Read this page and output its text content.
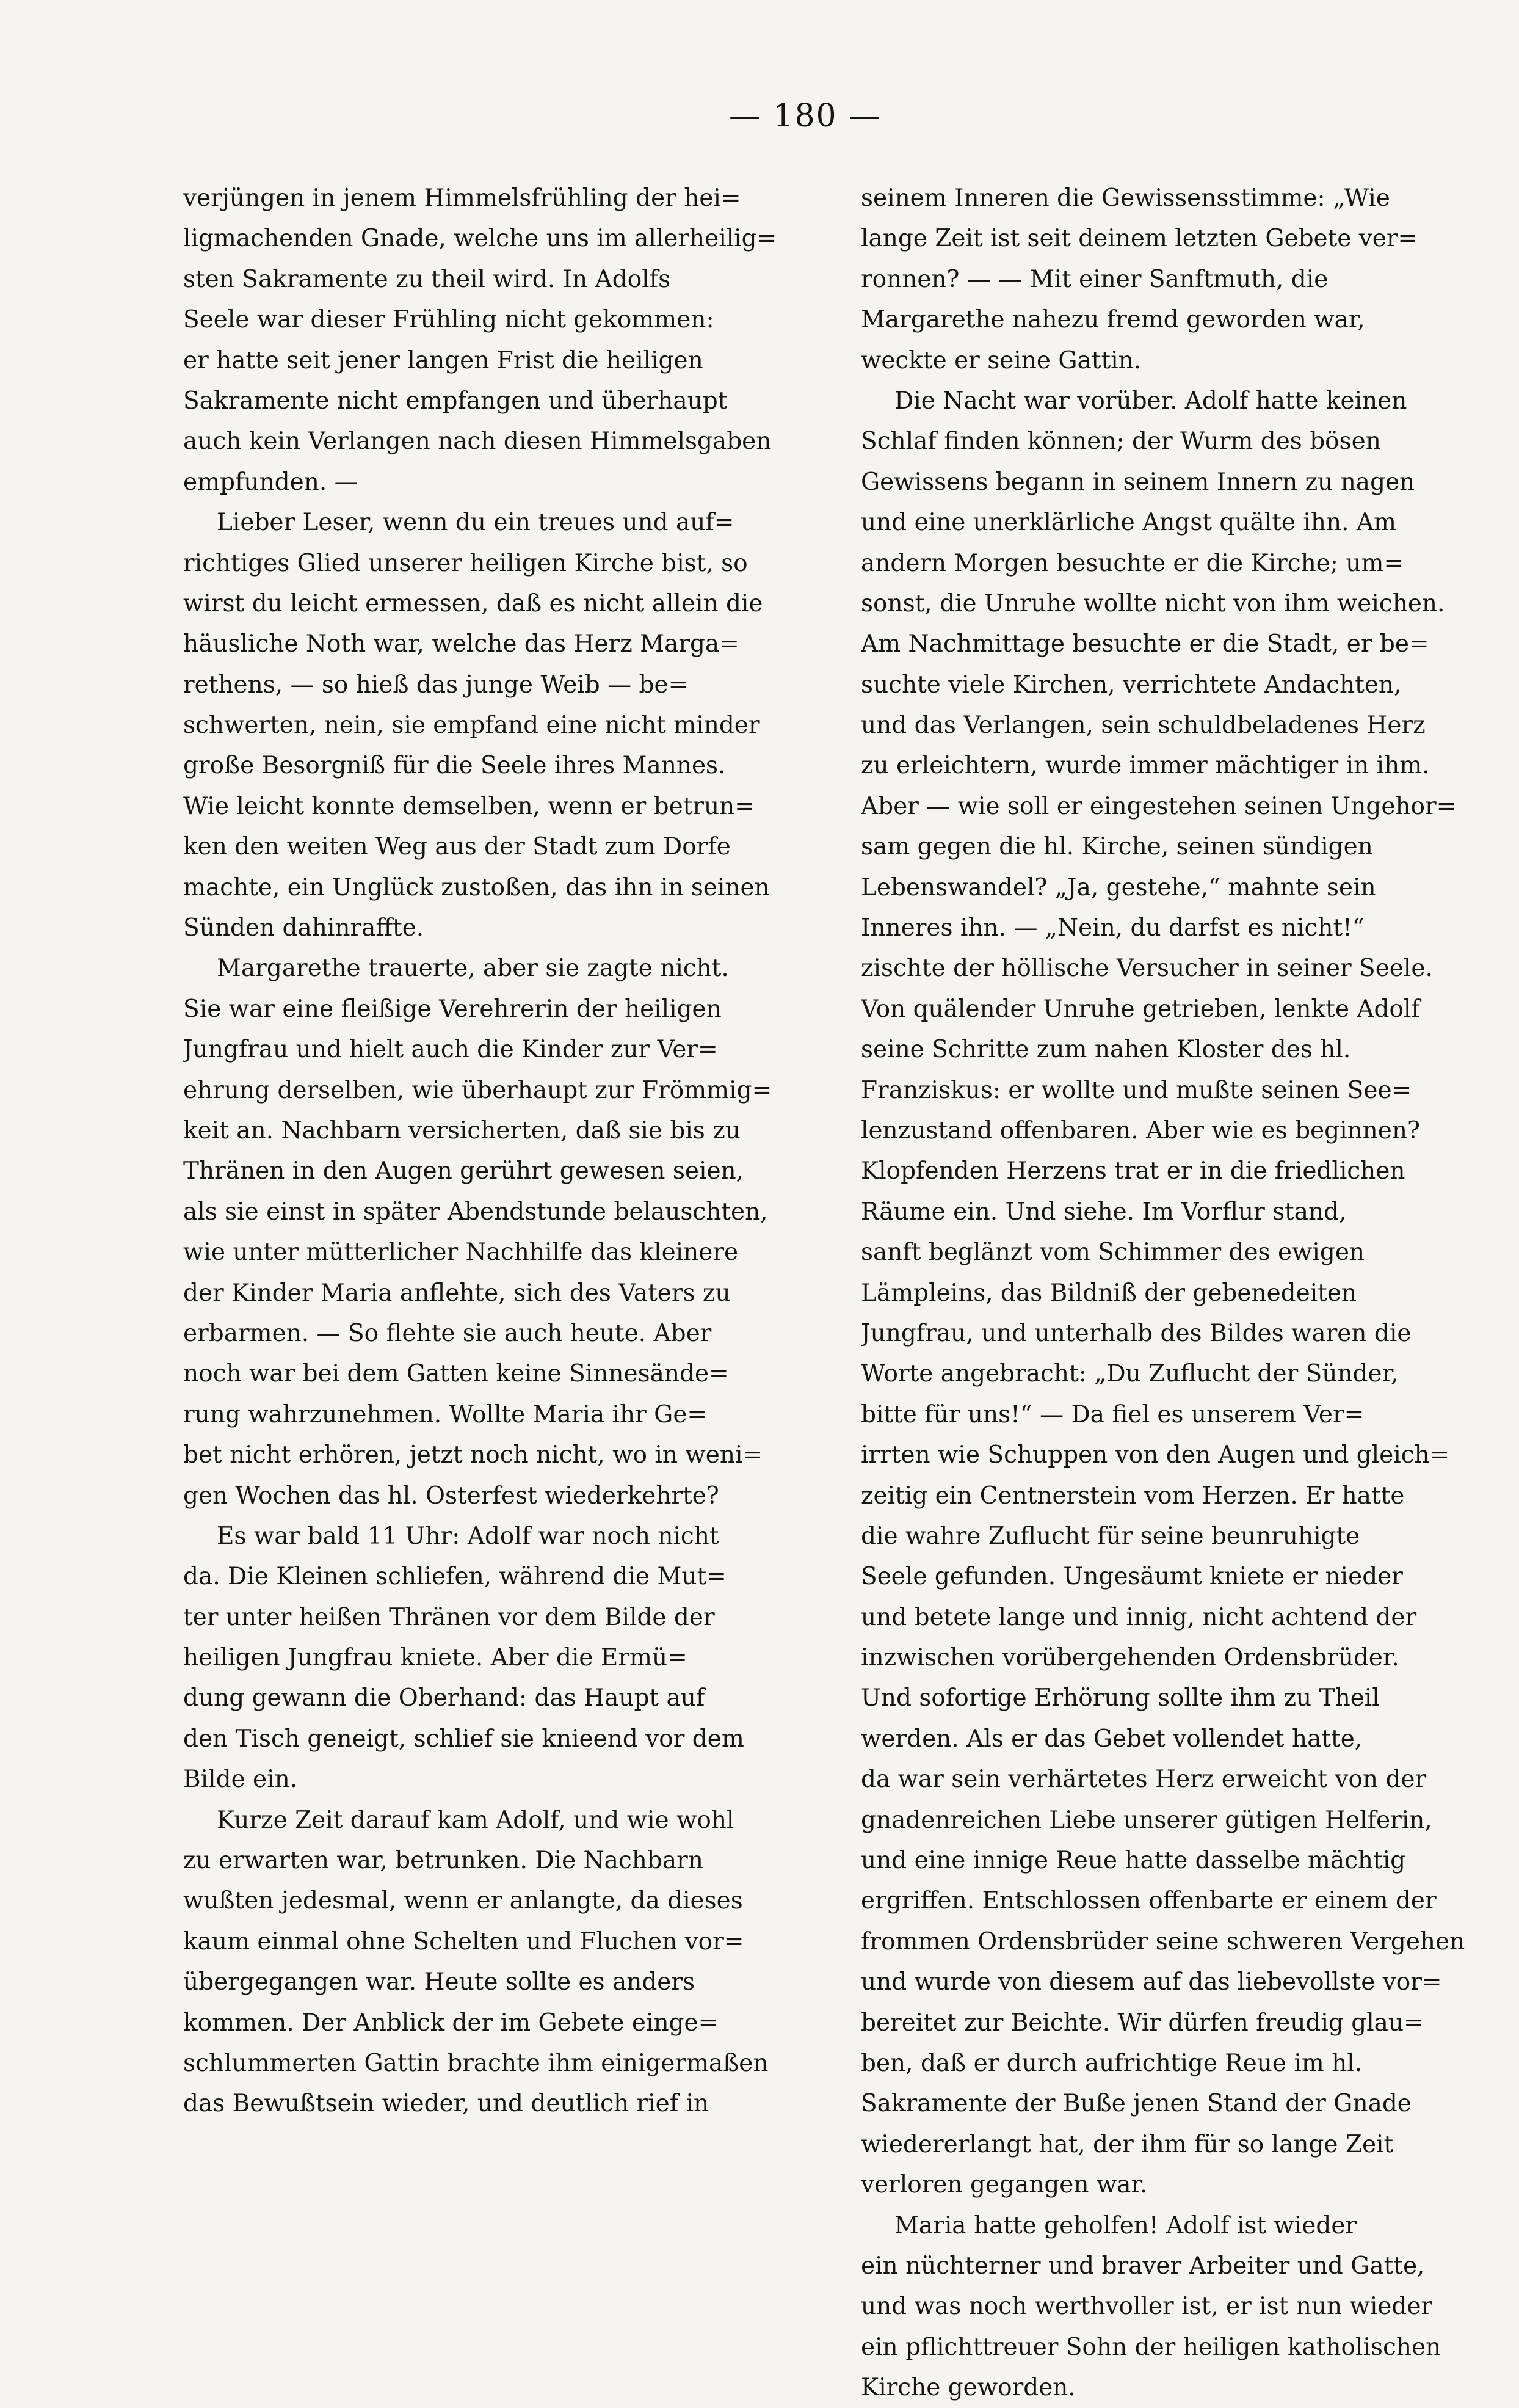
— 180 —
verjüngen in jenem Himmelsfrühling der hei=
ligmachenden Gnade, welche uns im allerheilig=
sten Sakramente zu theil wird. In Adolfs
Seele war dieser Frühling nicht gekommen:
er hatte seit jener langen Frist die heiligen
Sakramente nicht empfangen und überhaupt
auch kein Verlangen nach diesen Himmelsgaben
empfunden. —
Lieber Leser, wenn du ein treues und auf=
richtiges Glied unserer heiligen Kirche bist, so
wirst du leicht ermessen, daß es nicht allein die
häusliche Noth war, welche das Herz Marga=
rethens, — so hieß das junge Weib — be=
schwerten, nein, sie empfand eine nicht minder
große Besorgniß für die Seele ihres Mannes.
Wie leicht konnte demselben, wenn er betrun=
ken den weiten Weg aus der Stadt zum Dorfe
machte, ein Unglück zustoßen, das ihn in seinen
Sünden dahinraffte.
Margarethe trauerte, aber sie zagte nicht.
Sie war eine fleißige Verehrerin der heiligen
Jungfrau und hielt auch die Kinder zur Ver=
ehrung derselben, wie überhaupt zur Frömmig=
keit an. Nachbarn versicherten, daß sie bis zu
Thränen in den Augen gerührt gewesen seien,
als sie einst in später Abendstunde belauschten,
wie unter mütterlicher Nachhilfe das kleinere
der Kinder Maria anflehte, sich des Vaters zu
erbarmen. — So flehte sie auch heute. Aber
noch war bei dem Gatten keine Sinnesände=
rung wahrzunehmen. Wollte Maria ihr Ge=
bet nicht erhören, jetzt noch nicht, wo in weni=
gen Wochen das hl. Osterfest wiederkehrte?
Es war bald 11 Uhr: Adolf war noch nicht
da. Die Kleinen schliefen, während die Mut=
ter unter heißen Thränen vor dem Bilde der
heiligen Jungfrau kniete. Aber die Ermü=
dung gewann die Oberhand: das Haupt auf
den Tisch geneigt, schlief sie knieend vor dem
Bilde ein.
Kurze Zeit darauf kam Adolf, und wie wohl
zu erwarten war, betrunken. Die Nachbarn
wußten jedesmal, wenn er anlangte, da dieses
kaum einmal ohne Schelten und Fluchen vor=
übergegangen war. Heute sollte es anders
kommen. Der Anblick der im Gebete einge=
schlummerten Gattin brachte ihm einigermaßen
das Bewußtsein wieder, und deutlich rief in
seinem Inneren die Gewissensstimme: „Wie
lange Zeit ist seit deinem letzten Gebete ver=
ronnen? — — Mit einer Sanftmuth, die
Margarethe nahezu fremd geworden war,
weckte er seine Gattin.
Die Nacht war vorüber. Adolf hatte keinen
Schlaf finden können; der Wurm des bösen
Gewissens begann in seinem Innern zu nagen
und eine unerklärliche Angst quälte ihn. Am
andern Morgen besuchte er die Kirche; um=
sonst, die Unruhe wollte nicht von ihm weichen.
Am Nachmittage besuchte er die Stadt, er be=
suchte viele Kirchen, verrichtete Andachten,
und das Verlangen, sein schuldbeladenes Herz
zu erleichtern, wurde immer mächtiger in ihm.
Aber — wie soll er eingestehen seinen Ungehor=
sam gegen die hl. Kirche, seinen sündigen
Lebenswandel? „Ja, gestehe,“ mahnte sein
Inneres ihn. — „Nein, du darfst es nicht!“
zischte der höllische Versucher in seiner Seele.
Von quälender Unruhe getrieben, lenkte Adolf
seine Schritte zum nahen Kloster des hl.
Franziskus: er wollte und mußte seinen See=
lenzustand offenbaren. Aber wie es beginnen?
Klopfenden Herzens trat er in die friedlichen
Räume ein. Und siehe. Im Vorflur stand,
sanft beglänzt vom Schimmer des ewigen
Lämpleins, das Bildniß der gebenedeiten
Jungfrau, und unterhalb des Bildes waren die
Worte angebracht: „Du Zuflucht der Sünder,
bitte für uns!“ — Da fiel es unserem Ver=
irrten wie Schuppen von den Augen und gleich=
zeitig ein Centnerstein vom Herzen. Er hatte
die wahre Zuflucht für seine beunruhigte
Seele gefunden. Ungesäumt kniete er nieder
und betete lange und innig, nicht achtend der
inzwischen vorübergehenden Ordensbrüder.
Und sofortige Erhörung sollte ihm zu Theil
werden. Als er das Gebet vollendet hatte,
da war sein verhärtetes Herz erweicht von der
gnadenreichen Liebe unserer gütigen Helferin,
und eine innige Reue hatte dasselbe mächtig
ergriffen. Entschlossen offenbarte er einem der
frommen Ordensbrüder seine schweren Vergehen
und wurde von diesem auf das liebevollste vor=
bereitet zur Beichte. Wir dürfen freudig glau=
ben, daß er durch aufrichtige Reue im hl.
Sakramente der Buße jenen Stand der Gnade
wiedererlangt hat, der ihm für so lange Zeit
verloren gegangen war.
Maria hatte geholfen! Adolf ist wieder
ein nüchterner und braver Arbeiter und Gatte,
und was noch werthvoller ist, er ist nun wieder
ein pflichttreuer Sohn der heiligen katholischen
Kirche geworden.
